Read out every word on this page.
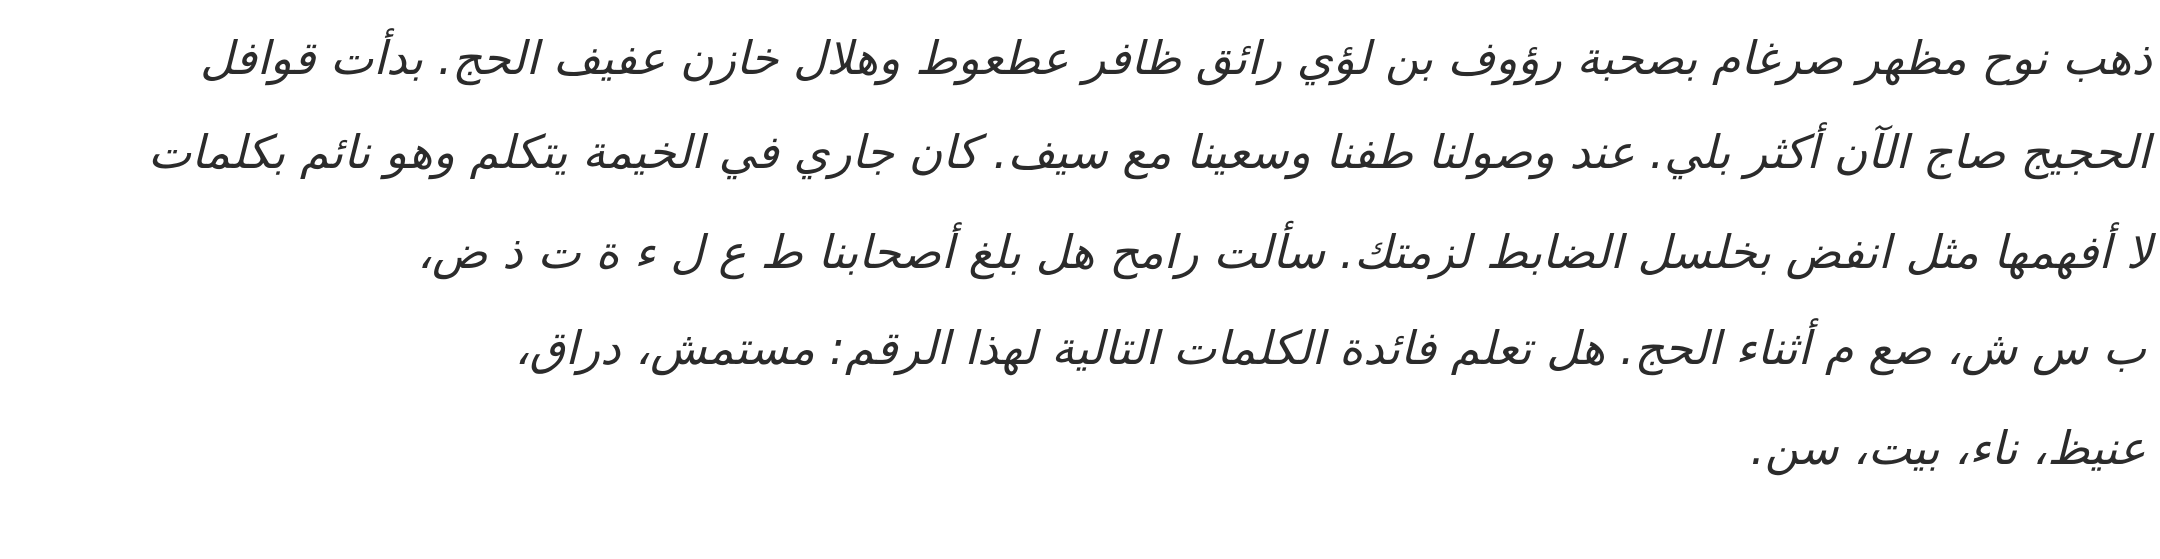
ذهب نوح مظهر صرغام بصحبة رؤوف بن لؤي رائق ظافر عطعوط وهلال خازن عفيف الحج. بدأت قوافل
الحجيج صاج الآن أكثر بلي. عند وصولنا طفنا وسعينا مع سيف. كان جاري في الخيمة يتكلم وهو نائم بكلمات
لا أفهمها مثل انفض بخلسل الضابط لزمتك. سألت رامح هل بلغ أصحابنا ط ع ل ء ة ت ذ ض،
ب س ش، صع م أثناء الحج. هل تعلم فائدة الكلمات التالية لهذا الرقم: مستمش، دراق،
عنيظ، ناء، بيت، سن.
